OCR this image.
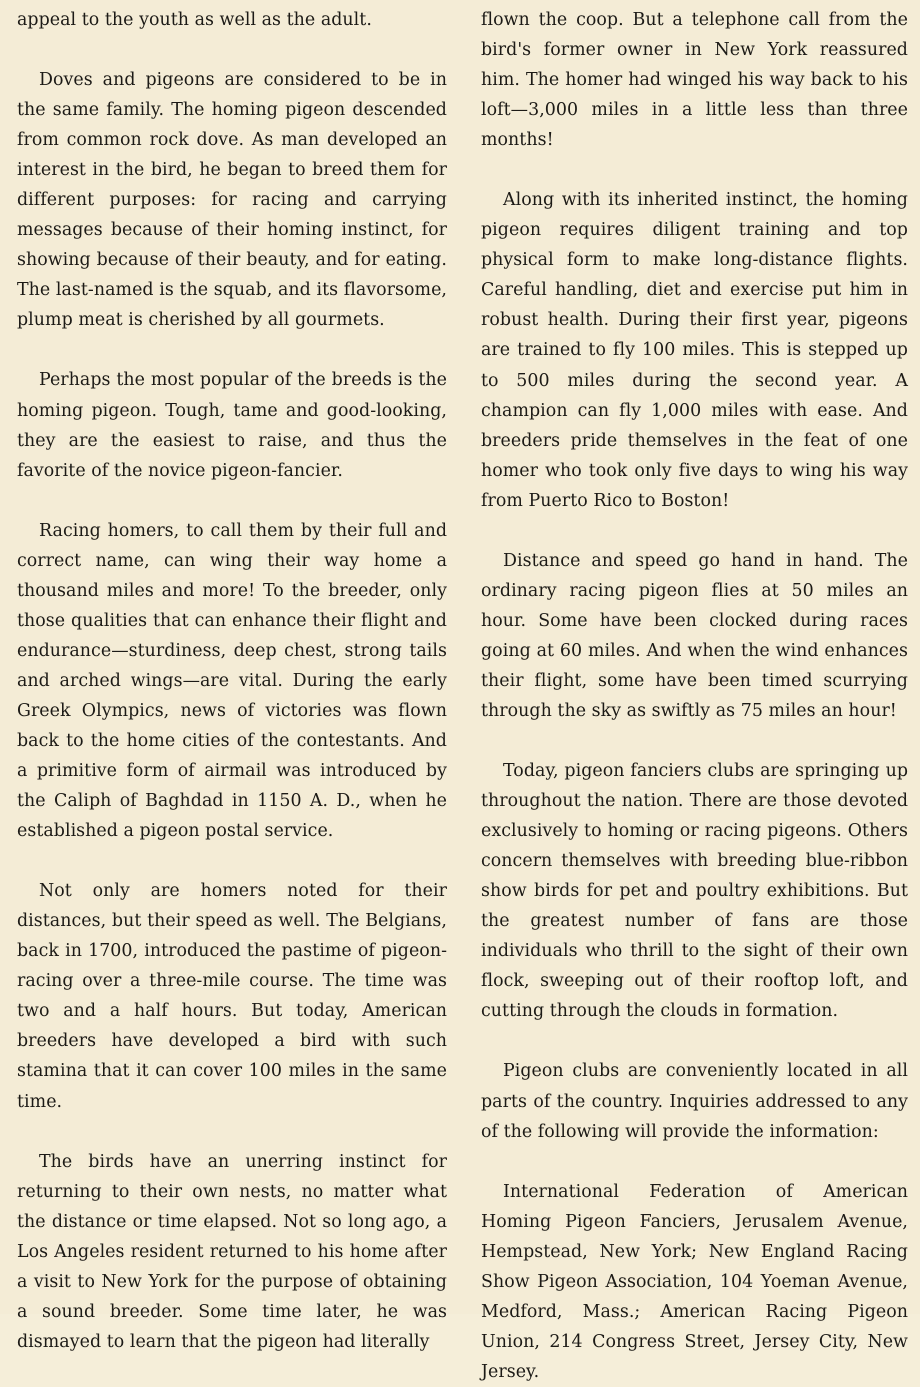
appeal to the youth as well as the adult.

Doves and pigeons are considered to be in the same family. The homing pigeon descended from common rock dove. As man developed an interest in the bird, he began to breed them for different purposes: for racing and carrying messages because of their homing instinct, for showing because of their beauty, and for eating. The last-named is the squab, and its flavorsome, plump meat is cherished by all gourmets.

Perhaps the most popular of the breeds is the homing pigeon. Tough, tame and good-looking, they are the easiest to raise, and thus the favorite of the novice pigeon-fancier.

Racing homers, to call them by their full and correct name, can wing their way home a thousand miles and more! To the breeder, only those qualities that can enhance their flight and endurance—sturdiness, deep chest, strong tails and arched wings—are vital. During the early Greek Olympics, news of victories was flown back to the home cities of the contestants. And a primitive form of airmail was introduced by the Caliph of Baghdad in 1150 A. D., when he established a pigeon postal service.

Not only are homers noted for their distances, but their speed as well. The Belgians, back in 1700, introduced the pastime of pigeon-racing over a three-mile course. The time was two and a half hours. But today, American breeders have developed a bird with such stamina that it can cover 100 miles in the same time.

The birds have an unerring instinct for returning to their own nests, no matter what the distance or time elapsed. Not so long ago, a Los Angeles resident returned to his home after a visit to New York for the purpose of obtaining a sound breeder. Some time later, he was dismayed to learn that the pigeon had literally

flown the coop. But a telephone call from the bird's former owner in New York reassured him. The homer had winged his way back to his loft—3,000 miles in a little less than three months!

Along with its inherited instinct, the homing pigeon requires diligent training and top physical form to make long-distance flights. Careful handling, diet and exercise put him in robust health. During their first year, pigeons are trained to fly 100 miles. This is stepped up to 500 miles during the second year. A champion can fly 1,000 miles with ease. And breeders pride themselves in the feat of one homer who took only five days to wing his way from Puerto Rico to Boston!

Distance and speed go hand in hand. The ordinary racing pigeon flies at 50 miles an hour. Some have been clocked during races going at 60 miles. And when the wind enhances their flight, some have been timed scurrying through the sky as swiftly as 75 miles an hour!

Today, pigeon fanciers clubs are springing up throughout the nation. There are those devoted exclusively to homing or racing pigeons. Others concern themselves with breeding blue-ribbon show birds for pet and poultry exhibitions. But the greatest number of fans are those individuals who thrill to the sight of their own flock, sweeping out of their rooftop loft, and cutting through the clouds in formation.

Pigeon clubs are conveniently located in all parts of the country. Inquiries addressed to any of the following will provide the information:

International Federation of American Homing Pigeon Fanciers, Jerusalem Avenue, Hempstead, New York; New England Racing Show Pigeon Association, 104 Yoeman Avenue, Medford, Mass.; American Racing Pigeon Union, 214 Congress Street, Jersey City, New Jersey.
